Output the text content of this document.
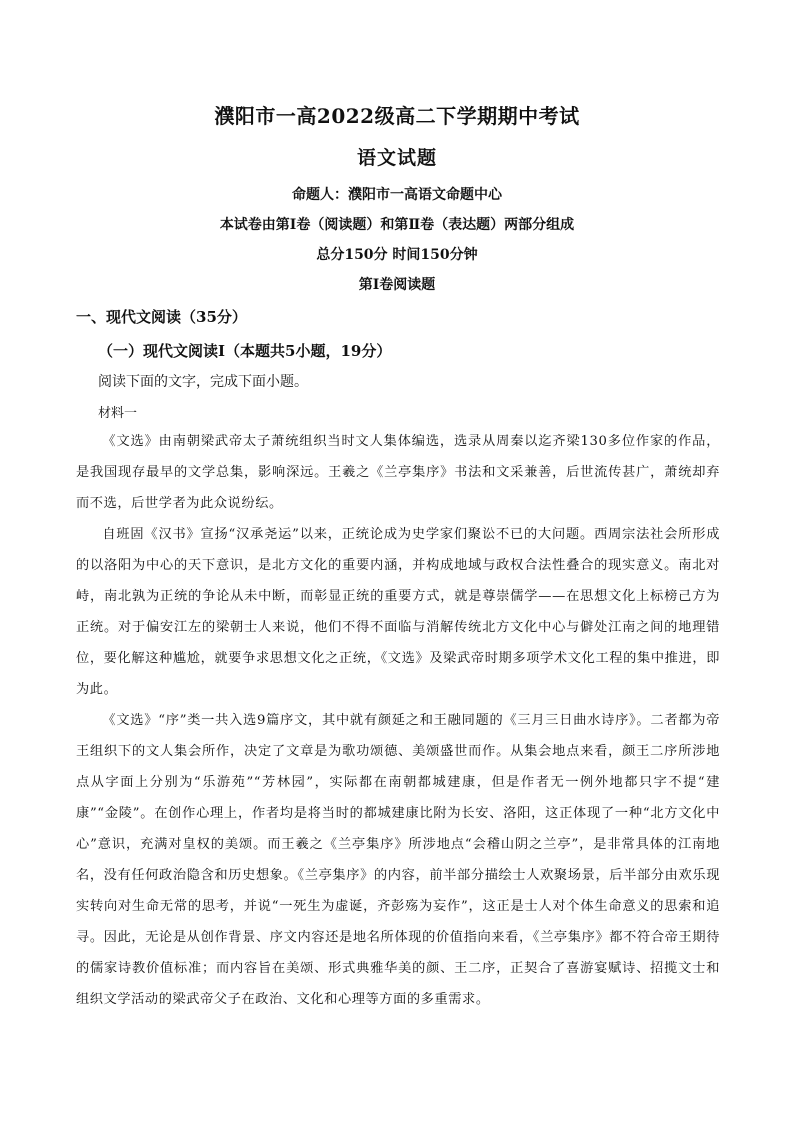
濮阳市一高2022级高二下学期期中考试
语文试题
命题人：濮阳市一高语文命题中心
本试卷由第Ⅰ卷（阅读题）和第Ⅱ卷（表达题）两部分组成
总分150分 时间150分钟
第Ⅰ卷阅读题
一、现代文阅读（35分）
（一）现代文阅读Ⅰ（本题共5小题，19分）
阅读下面的文字，完成下面小题。
材料一
《文选》由南朝梁武帝太子萧统组织当时文人集体编选，选录从周秦以迄齐梁130多位作家的作品，是我国现存最早的文学总集，影响深远。王羲之《兰亭集序》书法和文采兼善，后世流传甚广，萧统却弃而不选，后世学者为此众说纷纭。
自班固《汉书》宣扬“汉承尧运”以来，正统论成为史学家们聚讼不已的大问题。西周宗法社会所形成的以洛阳为中心的天下意识，是北方文化的重要内涵，并构成地域与政权合法性叠合的现实意义。南北对峙，南北孰为正统的争论从未中断，而彰显正统的重要方式，就是尊崇儒学——在思想文化上标榜己方为正统。对于偏安江左的梁朝士人来说，他们不得不面临与消解传统北方文化中心与僻处江南之间的地理错位，要化解这种尴尬，就要争求思想文化之正统，《文选》及梁武帝时期多项学术文化工程的集中推进，即为此。
《文选》“序”类一共入选9篇序文，其中就有颜延之和王融同题的《三月三日曲水诗序》。二者都为帝王组织下的文人集会所作，决定了文章是为歌功颂德、美颂盛世而作。从集会地点来看，颜王二序所涉地点从字面上分别为“乐游苑”“芳林园”，实际都在南朝都城建康，但是作者无一例外地都只字不提“建康”“金陵”。在创作心理上，作者均是将当时的都城建康比附为长安、洛阳，这正体现了一种“北方文化中心”意识，充满对皇权的美颂。而王羲之《兰亭集序》所涉地点“会稽山阴之兰亭”，是非常具体的江南地名，没有任何政治隐含和历史想象。《兰亭集序》的内容，前半部分描绘士人欢聚场景，后半部分由欢乐现实转向对生命无常的思考，并说“一死生为虚诞，齐彭殇为妄作”，这正是士人对个体生命意义的思索和追寻。因此，无论是从创作背景、序文内容还是地名所体现的价值指向来看，《兰亭集序》都不符合帝王期待的儒家诗教价值标准；而内容旨在美颂、形式典雅华美的颜、王二序，正契合了喜游宴赋诗、招揽文士和组织文学活动的梁武帝父子在政治、文化和心理等方面的多重需求。
